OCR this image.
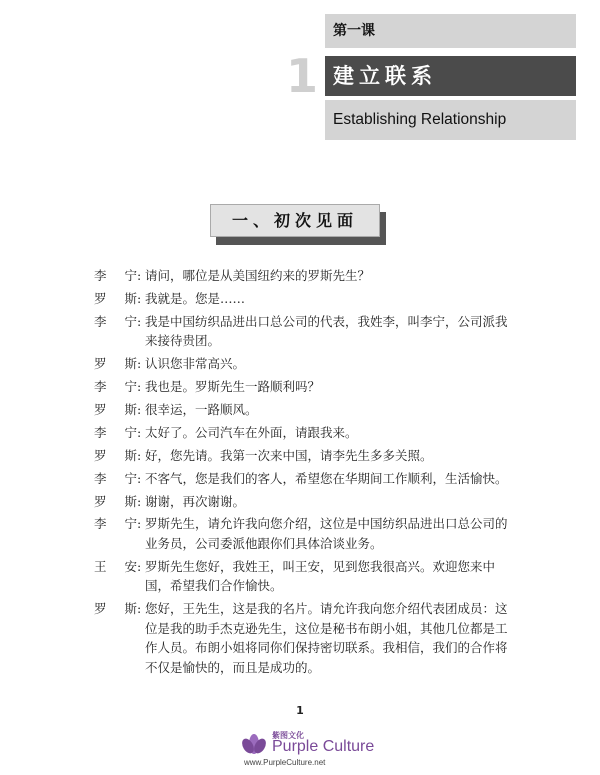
第一课
1 建立联系
Establishing Relationship
一、初次见面
李 宁 : 请问，哪位是从美国纽约来的罗斯先生？
罗 斯 : 我就是。您是……
李 宁 : 我是中国纺织品进出口总公司的代表，我姓李，叫李宁，公司派我来接待贵团。
罗 斯 : 认识您非常高兴。
李 宁 : 我也是。罗斯先生一路顺利吗？
罗 斯 : 很幸运，一路顺风。
李 宁 : 太好了。公司汽车在外面，请跟我来。
罗 斯 : 好，您先请。我第一次来中国，请李先生多多关照。
李 宁 : 不客气，您是我们的客人，希望您在华期间工作顺利，生活愉快。
罗 斯 : 谢谢，再次谢谢。
李 宁 : 罗斯先生，请允许我向您介绍，这位是中国纺织品进出口总公司的业务员，公司委派他跟你们具体洽谈业务。
王 安 : 罗斯先生您好，我姓王，叫王安，见到您我很高兴。欢迎您来中国，希望我们合作愉快。
罗 斯 : 您好，王先生，这是我的名片。请允许我向您介绍代表团成员：这位是我的助手杰克逊先生，这位是秘书布朗小姐，其他几位都是工作人员。布朗小姐将同你们保持密切联系。我相信，我们的合作将不仅是愉快的，而且是成功的。
1
紫图文化
Purple Culture
www.PurpleCulture.net
